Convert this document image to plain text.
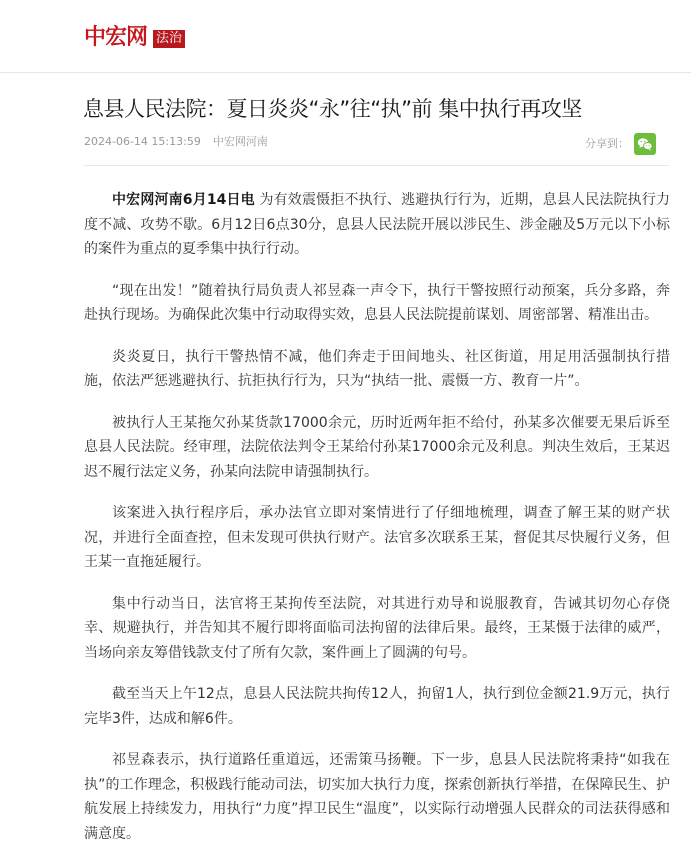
中宏网 法治
息县人民法院：夏日炎炎“永”往“执”前 集中执行再攻坚
2024-06-14 15:13:59 中宏网河南	分享到：

中宏网河南6月14日电 为有效震慑拒不执行、逃避执行行为，近期，息县人民法院执行力度不减、攻势不歇。6月12日6点30分，息县人民法院开展以涉民生、涉金融及5万元以下小标的案件为重点的夏季集中执行行动。

“现在出发！”随着执行局负责人祁昱森一声令下，执行干警按照行动预案，兵分多路，奔赴执行现场。为确保此次集中行动取得实效，息县人民法院提前谋划、周密部署、精准出击。

炎炎夏日，执行干警热情不减，他们奔走于田间地头、社区街道，用足用活强制执行措施，依法严惩逃避执行、抗拒执行行为，只为“执结一批、震慑一方、教育一片”。

被执行人王某拖欠孙某货款17000余元，历时近两年拒不给付，孙某多次催要无果后诉至息县人民法院。经审理，法院依法判令王某给付孙某17000余元及利息。判决生效后，王某迟迟不履行法定义务，孙某向法院申请强制执行。

该案进入执行程序后，承办法官立即对案情进行了仔细地梳理，调查了解王某的财产状况，并进行全面查控，但未发现可供执行财产。法官多次联系王某，督促其尽快履行义务，但王某一直拖延履行。

集中行动当日，法官将王某拘传至法院，对其进行劝导和说服教育，告诫其切勿心存侥幸、规避执行，并告知其不履行即将面临司法拘留的法律后果。最终，王某慑于法律的威严，当场向亲友筹借钱款支付了所有欠款，案件画上了圆满的句号。

截至当天上午12点，息县人民法院共拘传12人，拘留1人，执行到位金额21.9万元，执行完毕3件，达成和解6件。

祁昱森表示，执行道路任重道远，还需策马扬鞭。下一步，息县人民法院将秉持“如我在执”的工作理念，积极践行能动司法，切实加大执行力度，探索创新执行举措，在保障民生、护航发展上持续发力，用执行“力度”捍卫民生“温度”，以实际行动增强人民群众的司法获得感和满意度。
